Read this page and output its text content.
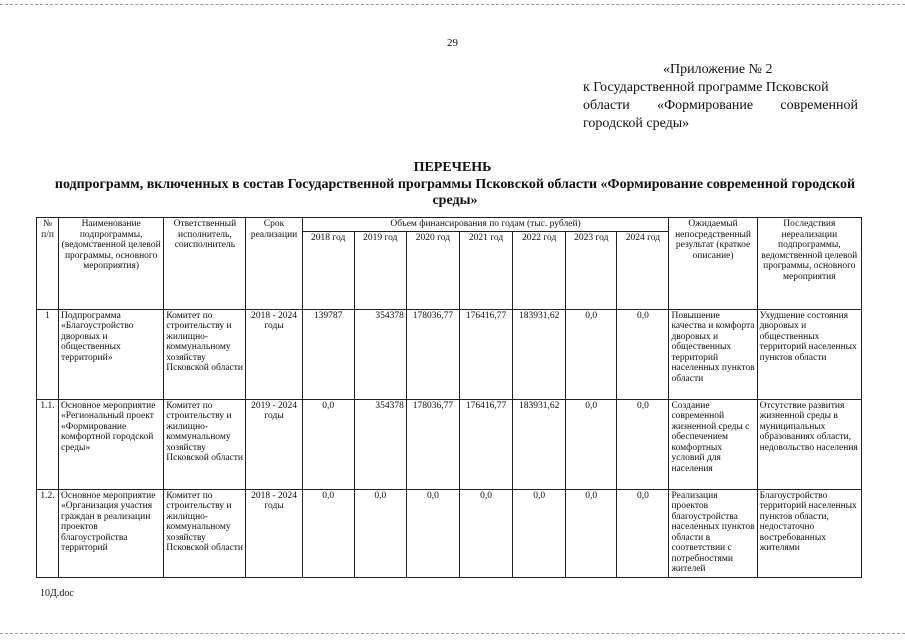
29
«Приложение № 2
к Государственной программе Псковской
области «Формирование современной
городской среды»
ПЕРЕЧЕНЬ
подпрограмм, включенных в состав Государственной программы Псковской области «Формирование современной городской среды»
№ п/п	Наименование подпрограммы, (ведомственной целевой программы, основного мероприятия)	Ответственный исполнитель, соисполнитель	Срок реализации	Объем финансирования по годам (тыс. рублей)							Ожидаемый непосредственный результат (краткое описание)	Последствия нереализации подпрограммы, ведомственной целевой программы, основного мероприятия
				2018 год	2019 год	2020 год	2021 год	2022 год	2023 год	2024 год		
1	Подпрограмма «Благоустройство дворовых и общественных территорий»	Комитет по строительству и жилищно-коммунальному хозяйству Псковской области	2018 - 2024 годы	139787	354378	178036,77	176416,77	183931,62	0,0	0,0	Повышение качества и комфорта дворовых и общественных территорий населенных пунктов области	Ухудшение состояния дворовых и общественных территорий населенных пунктов области
1.1.	Основное мероприятие «Региональный проект «Формирование комфортной городской среды»	Комитет по строительству и жилищно-коммунальному хозяйству Псковской области	2019 - 2024 годы	0,0	354378	178036,77	176416,77	183931,62	0,0	0,0	Создание современной жизненной среды с обеспечением комфортных условий для населения	Отсутствие развития жизненной среды в муниципальных образованиях области, недовольство населения
1.2.	Основное мероприятие «Организация участия граждан в реализации проектов благоустройства территорий	Комитет по строительству и жилищно-коммунальному хозяйству Псковской области	2018 - 2024 годы	0,0	0,0	0,0	0,0	0,0	0,0	0,0	Реализация проектов благоустройства населенных пунктов области в соответствии с потребностями жителей	Благоустройство территорий населенных пунктов области, недостаточно востребованных жителями
10Д.doc
